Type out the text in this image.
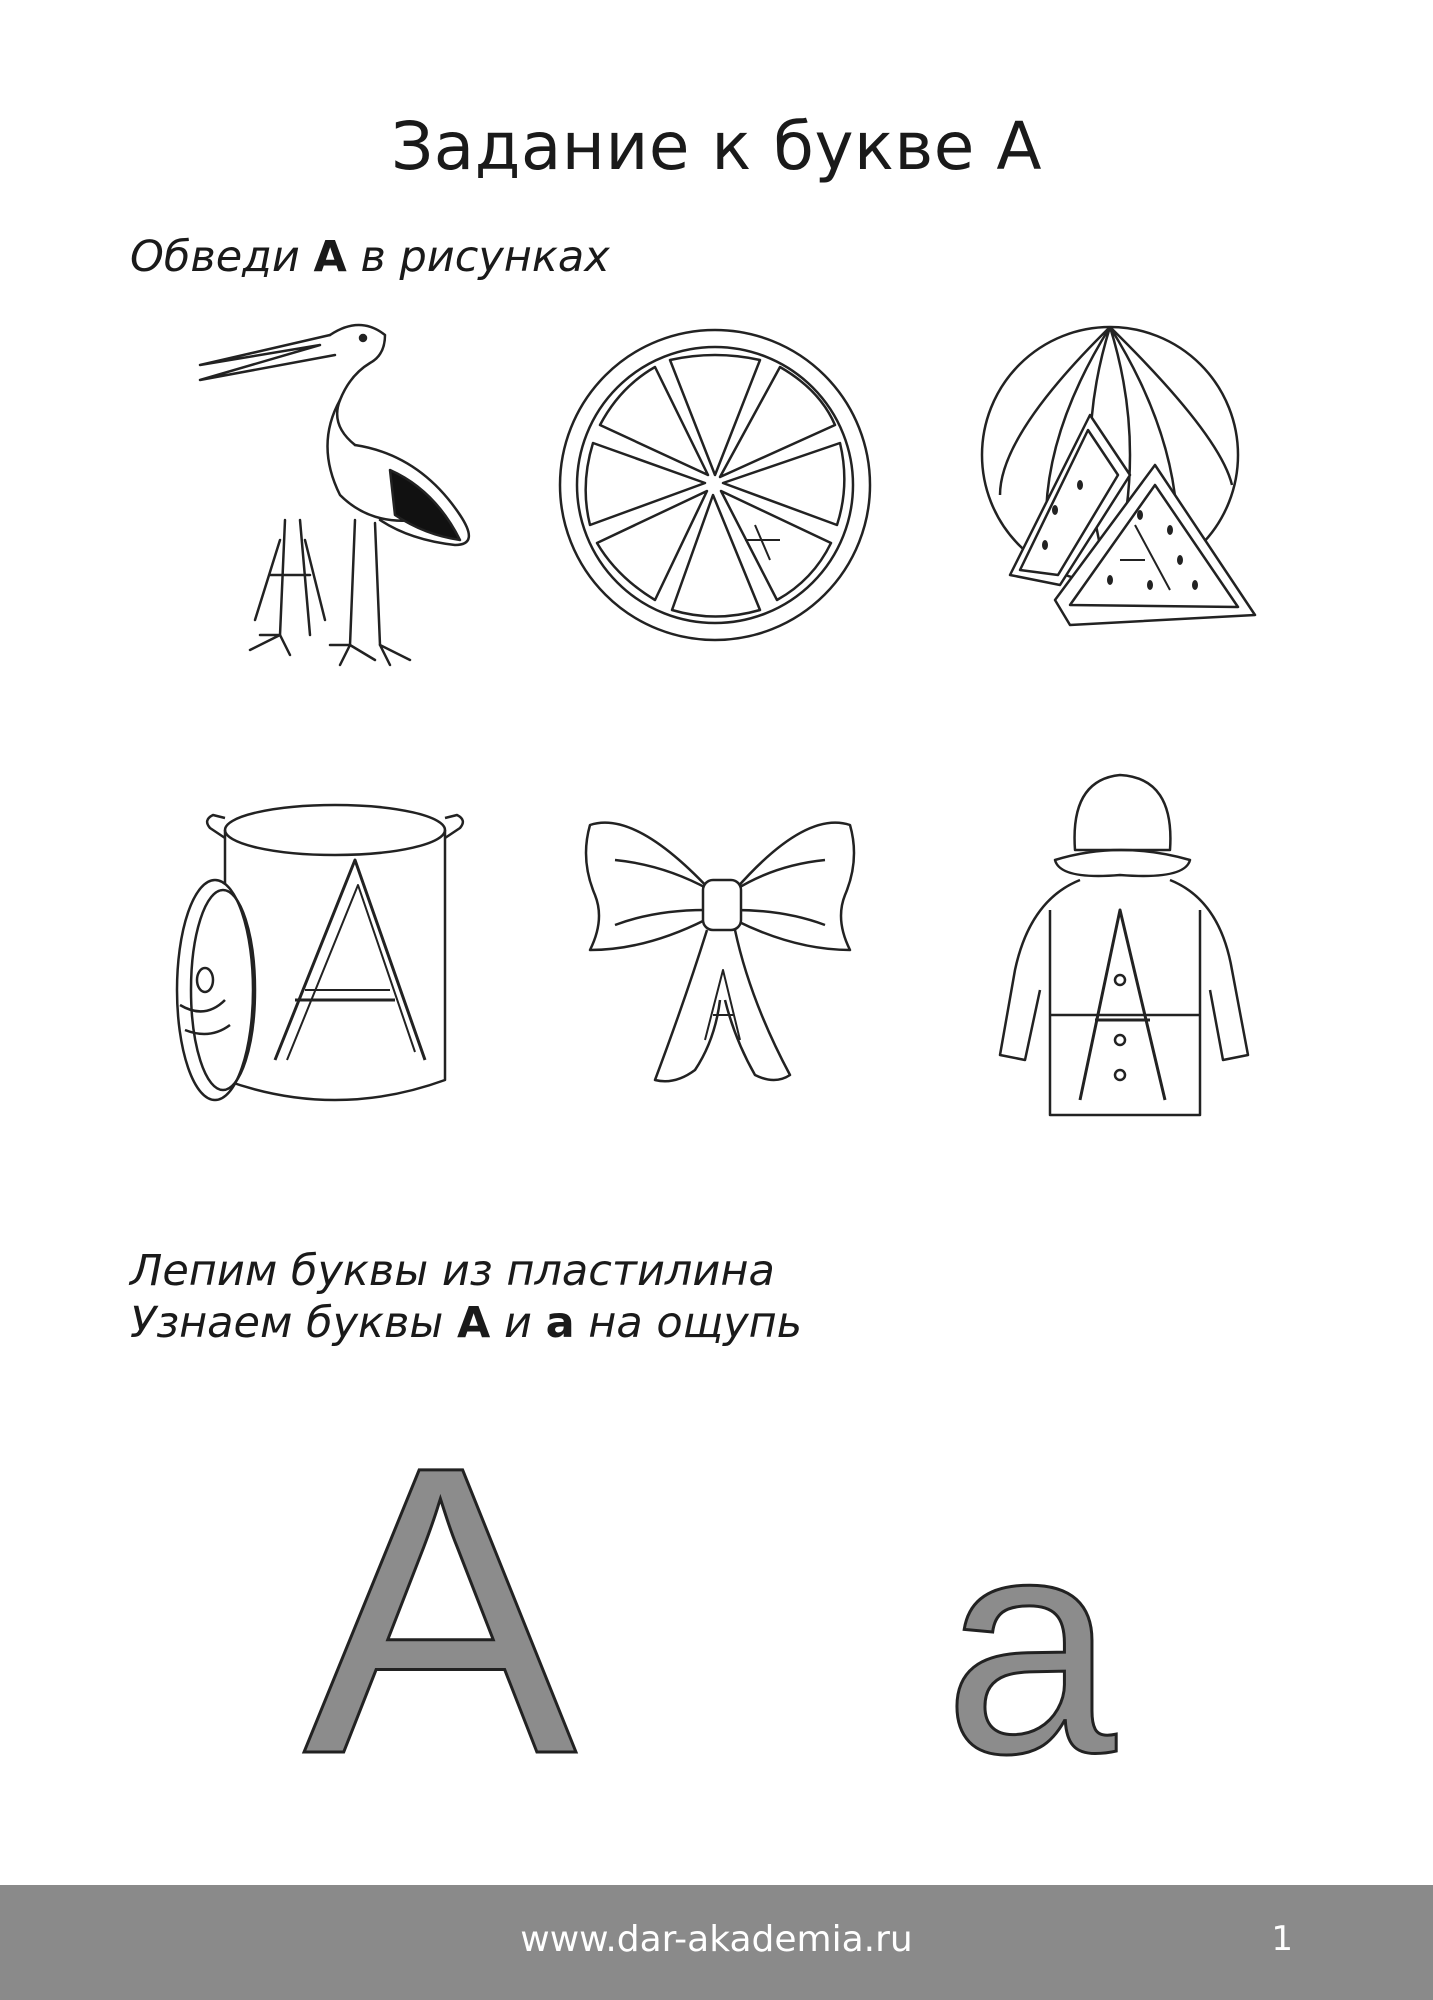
Задание к букве А
Обведи А в рисунках
Лепим буквы из пластилина
Узнаем буквы А и а на ощупь
А а
www.dar-akademia.ru	1
